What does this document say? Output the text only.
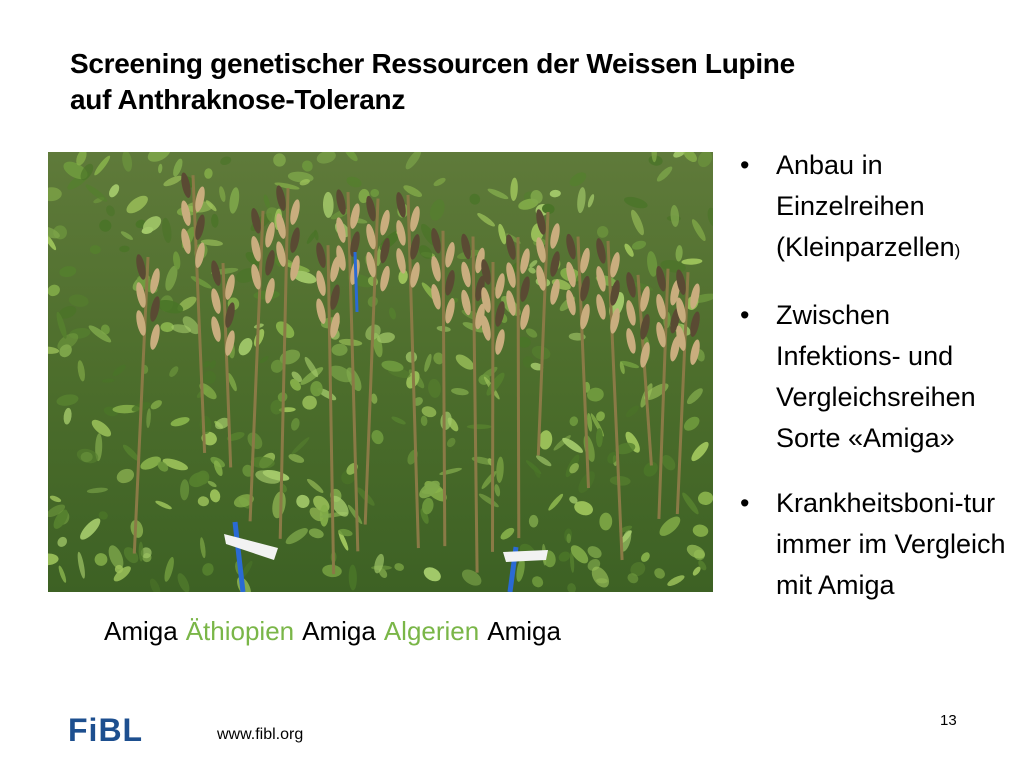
Screening genetischer Ressourcen der Weissen Lupine
auf Anthraknose-Toleranz
Amiga Äthiopien Amiga Algerien Amiga
• Anbau in Einzelreihen (Kleinparzellen)
• Zwischen Infektions- und Vergleichsreihen Sorte «Amiga»
• Krankheitsboni-tur immer im Vergleich mit Amiga
FiBL	www.fibl.org
13
